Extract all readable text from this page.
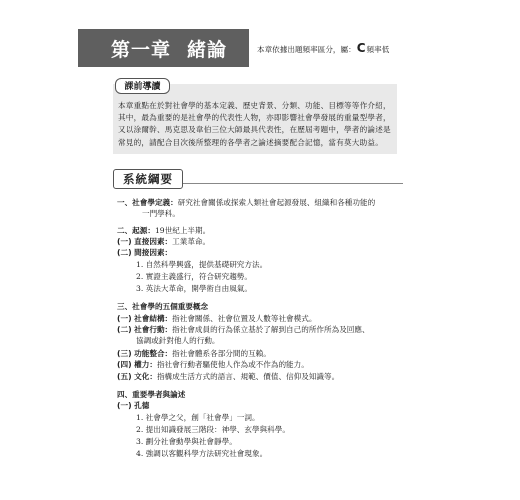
第一章 緒論	本章依據出題頻率區分，屬：C頻率低
課前導讀
本章重點在於對社會學的基本定義、歷史背景、分類、功能、目標等等作介紹，
其中，最為重要的是社會學的代表性人物，亦即影響社會學發展的重量型學者，
又以涂爾幹、馬克思及韋伯三位大師最具代表性，在歷屆考題中，學者的論述是
常見的，請配合目次後所整理的各學者之論述摘要配合記憶，當有莫大助益。
系統綱要
一、社會學定義：研究社會關係或探索人類社會起源發展、組織和各種功能的
一門學科。
二、起源：19世紀上半期。
(一) 直接因素：工業革命。
(二) 間接因素：
1. 自然科學興盛，提供基礎研究方法。
2. 實證主義盛行，符合研究趨勢。
3. 英法大革命，開學術自由風氣。
三、社會學的五個重要概念
(一) 社會結構：指社會關係、社會位置及人數等社會模式。
(二) 社會行動：指社會成員的行為係立基於了解到自己的所作所為及回應、
協調或針對他人的行動。
(三) 功能整合：指社會體系各部分間的互賴。
(四) 權力：指社會行動者驅使他人作為或不作為的能力。
(五) 文化：指構成生活方式的語言、規範、價值、信仰及知識等。
四、重要學者與論述
(一) 孔德
1. 社會學之父，創「社會學」一詞。
2. 提出知識發展三階段：神學、玄學與科學。
3. 劃分社會動學與社會靜學。
4. 強調以客觀科學方法研究社會現象。
